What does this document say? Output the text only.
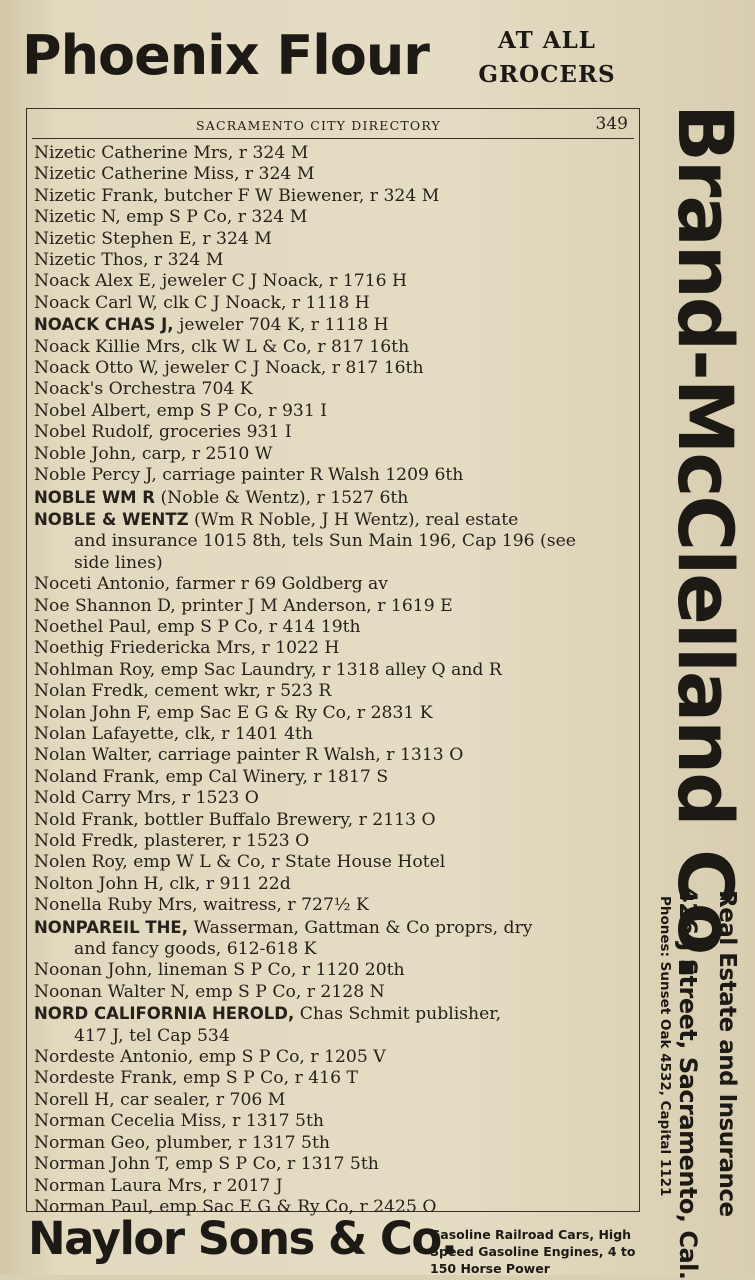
Phoenix Flour	AT ALL
GROCERS
SACRAMENTO CITY DIRECTORY	349
Nizetic Catherine Mrs, r 324 M
Nizetic Catherine Miss, r 324 M
Nizetic Frank, butcher F W Biewener, r 324 M
Nizetic N, emp S P Co, r 324 M
Nizetic Stephen E, r 324 M
Nizetic Thos, r 324 M
Noack Alex E, jeweler C J Noack, r 1716 H
Noack Carl W, clk C J Noack, r 1118 H
NOACK CHAS J, jeweler 704 K, r 1118 H
Noack Killie Mrs, clk W L & Co, r 817 16th
Noack Otto W, jeweler C J Noack, r 817 16th
Noack's Orchestra 704 K
Nobel Albert, emp S P Co, r 931 I
Nobel Rudolf, groceries 931 I
Noble John, carp, r 2510 W
Noble Percy J, carriage painter R Walsh 1209 6th
NOBLE WM R (Noble & Wentz), r 1527 6th
NOBLE & WENTZ (Wm R Noble, J H Wentz), real estate
and insurance 1015 8th, tels Sun Main 196, Cap 196 (see
side lines)
Noceti Antonio, farmer r 69 Goldberg av
Noe Shannon D, printer J M Anderson, r 1619 E
Noethel Paul, emp S P Co, r 414 19th
Noethig Friedericka Mrs, r 1022 H
Nohlman Roy, emp Sac Laundry, r 1318 alley Q and R
Nolan Fredk, cement wkr, r 523 R
Nolan John F, emp Sac E G & Ry Co, r 2831 K
Nolan Lafayette, clk, r 1401 4th
Nolan Walter, carriage painter R Walsh, r 1313 O
Noland Frank, emp Cal Winery, r 1817 S
Nold Carry Mrs, r 1523 O
Nold Frank, bottler Buffalo Brewery, r 2113 O
Nold Fredk, plasterer, r 1523 O
Nolen Roy, emp W L & Co, r State House Hotel
Nolton John H, clk, r 911 22d
Nonella Ruby Mrs, waitress, r 727½ K
NONPAREIL THE, Wasserman, Gattman & Co proprs, dry
and fancy goods, 612-618 K
Noonan John, lineman S P Co, r 1120 20th
Noonan Walter N, emp S P Co, r 2128 N
NORD CALIFORNIA HEROLD, Chas Schmit publisher,
417 J, tel Cap 534
Nordeste Antonio, emp S P Co, r 1205 V
Nordeste Frank, emp S P Co, r 416 T
Norell H, car sealer, r 706 M
Norman Cecelia Miss, r 1317 5th
Norman Geo, plumber, r 1317 5th
Norman John T, emp S P Co, r 1317 5th
Norman Laura Mrs, r 2017 J
Norman Paul, emp Sac E G & Ry Co, r 2425 O
Brand-McClelland Co.
Real Estate and Insurance
426 J Street, Sacramento, Cal.
Phones: Sunset Oak 4532, Capital 1121
Naylor Sons & Co.
Gasoline Railroad Cars, High Speed Gasoline Engines, 4 to 150 Horse Power
